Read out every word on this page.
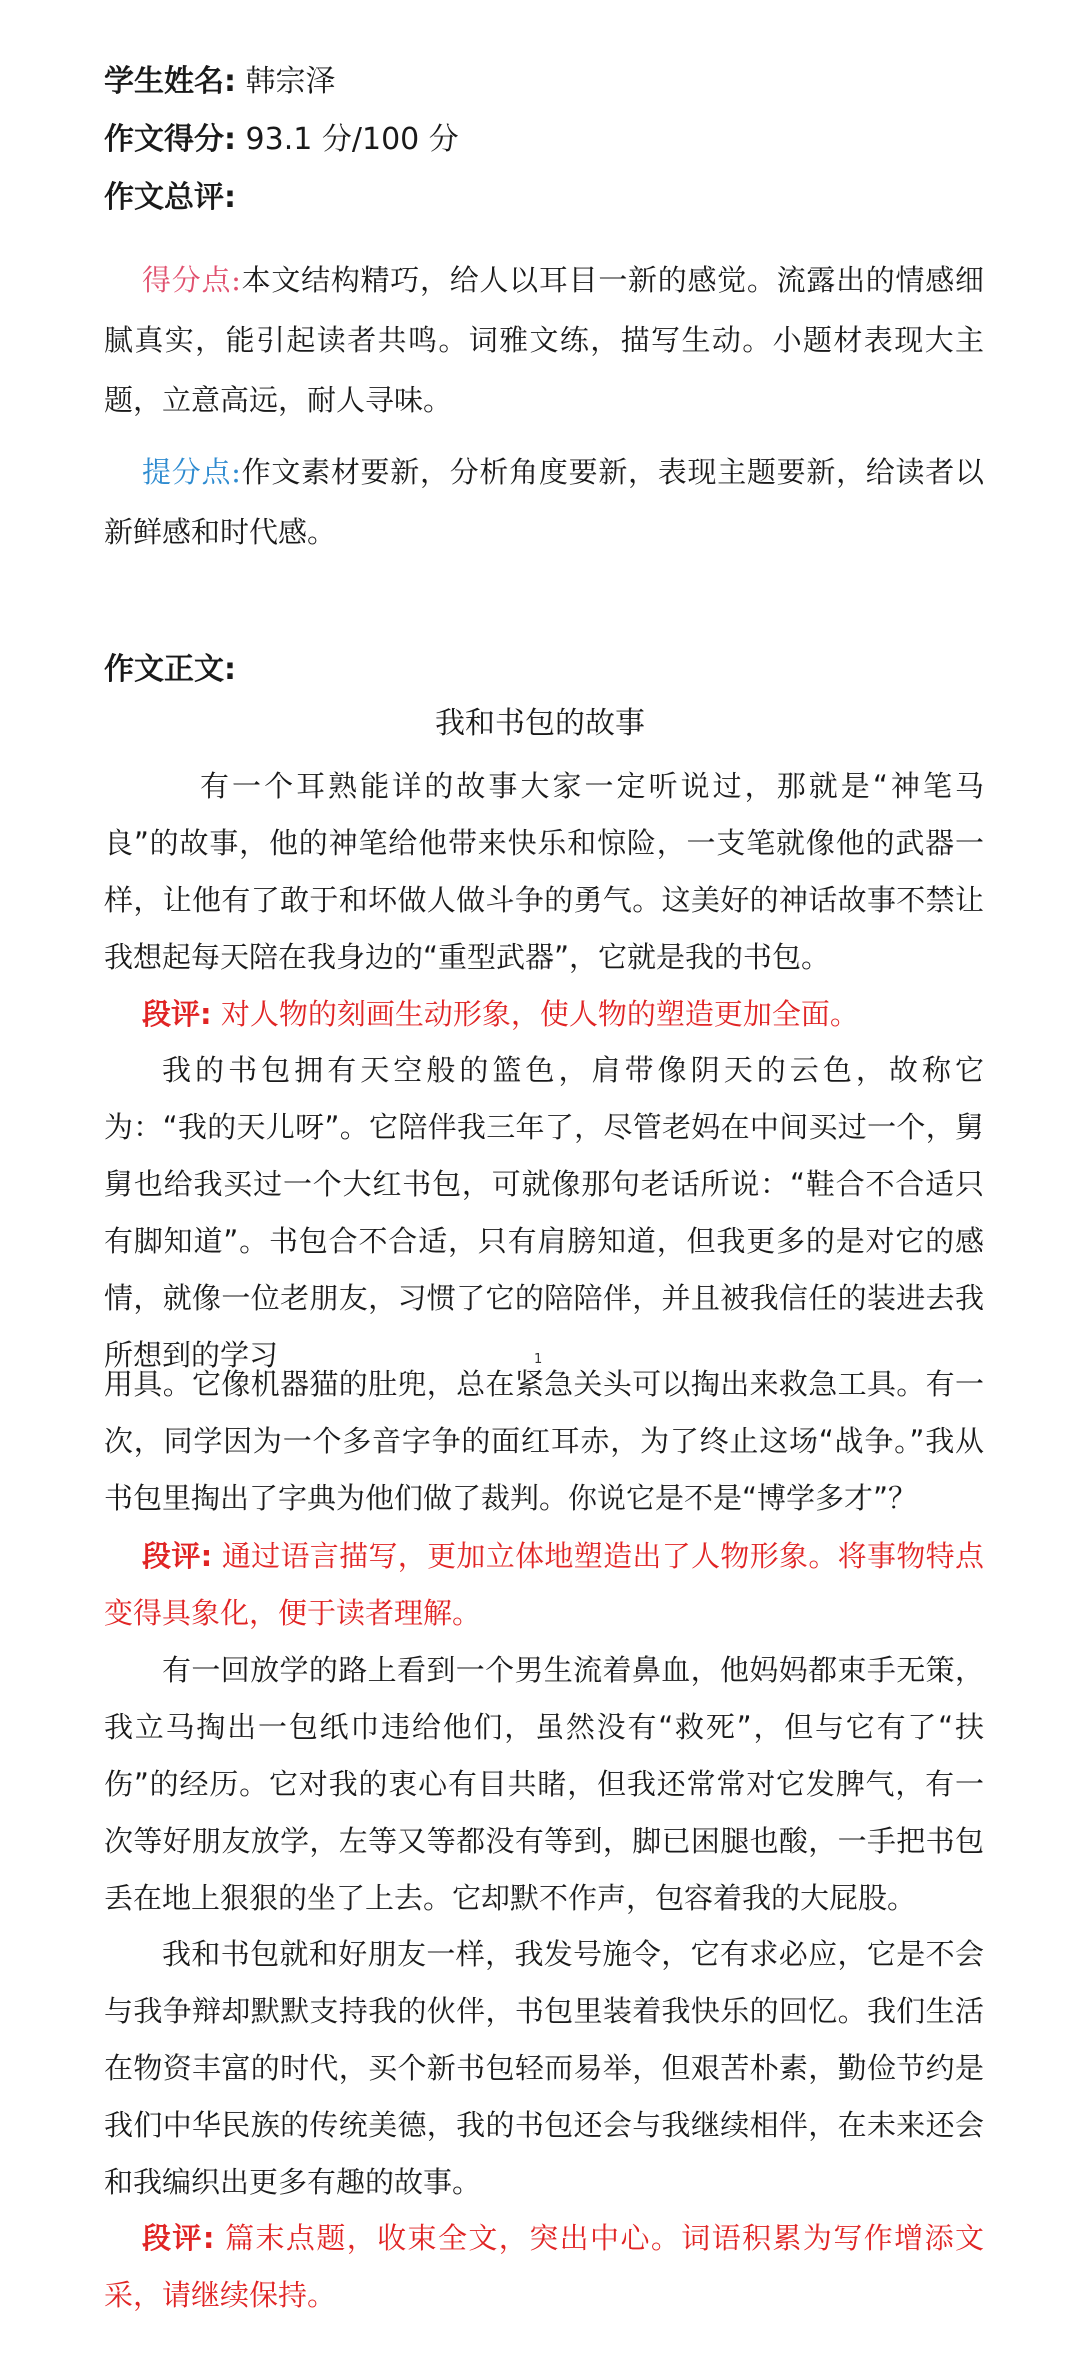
学生姓名: 韩宗泽
作文得分: 93.1 分/100 分
作文总评:
得分点:本文结构精巧，给人以耳目一新的感觉。流露出的情感细腻真实，能引起读者共鸣。词雅文练，描写生动。小题材表现大主题，立意高远，耐人寻味。
提分点:作文素材要新，分析角度要新，表现主题要新，给读者以新鲜感和时代感。
作文正文:
我和书包的故事
有一个耳熟能详的故事大家一定听说过，那就是“神笔马良”的故事，他的神笔给他带来快乐和惊险，一支笔就像他的武器一样，让他有了敢于和坏做人做斗争的勇气。这美好的神话故事不禁让我想起每天陪在我身边的“重型武器”，它就是我的书包。
段评: 对人物的刻画生动形象，使人物的塑造更加全面。
我的书包拥有天空般的篮色，肩带像阴天的云色，故称它为：“我的天儿呀”。它陪伴我三年了，尽管老妈在中间买过一个，舅舅也给我买过一个大红书包，可就像那句老话所说：“鞋合不合适只有脚知道”。书包合不合适，只有肩膀知道，但我更多的是对它的感情，就像一位老朋友，习惯了它的陪陪伴，并且被我信任的装进去我所想到的学习	1
用具。它像机器猫的肚兜，总在紧急关头可以掏出来救急工具。有一次，同学因为一个多音字争的面红耳赤，为了终止这场“战争。”我从书包里掏出了字典为他们做了裁判。你说它是不是“博学多才”？
段评: 通过语言描写，更加立体地塑造出了人物形象。将事物特点变得具象化，便于读者理解。
有一回放学的路上看到一个男生流着鼻血，他妈妈都束手无策，我立马掏出一包纸巾违给他们，虽然没有“救死”，但与它有了“扶伤”的经历。它对我的衷心有目共睹，但我还常常对它发脾气，有一次等好朋友放学，左等又等都没有等到，脚已困腿也酸，一手把书包丢在地上狠狠的坐了上去。它却默不作声，包容着我的大屁股。
我和书包就和好朋友一样，我发号施令，它有求必应，它是不会与我争辩却默默支持我的伙伴，书包里装着我快乐的回忆。我们生活在物资丰富的时代，买个新书包轻而易举，但艰苦朴素，勤俭节约是我们中华民族的传统美德，我的书包还会与我继续相伴，在未来还会和我编织出更多有趣的故事。
段评: 篇末点题，收束全文，突出中心。词语积累为写作增添文采，请继续保持。
